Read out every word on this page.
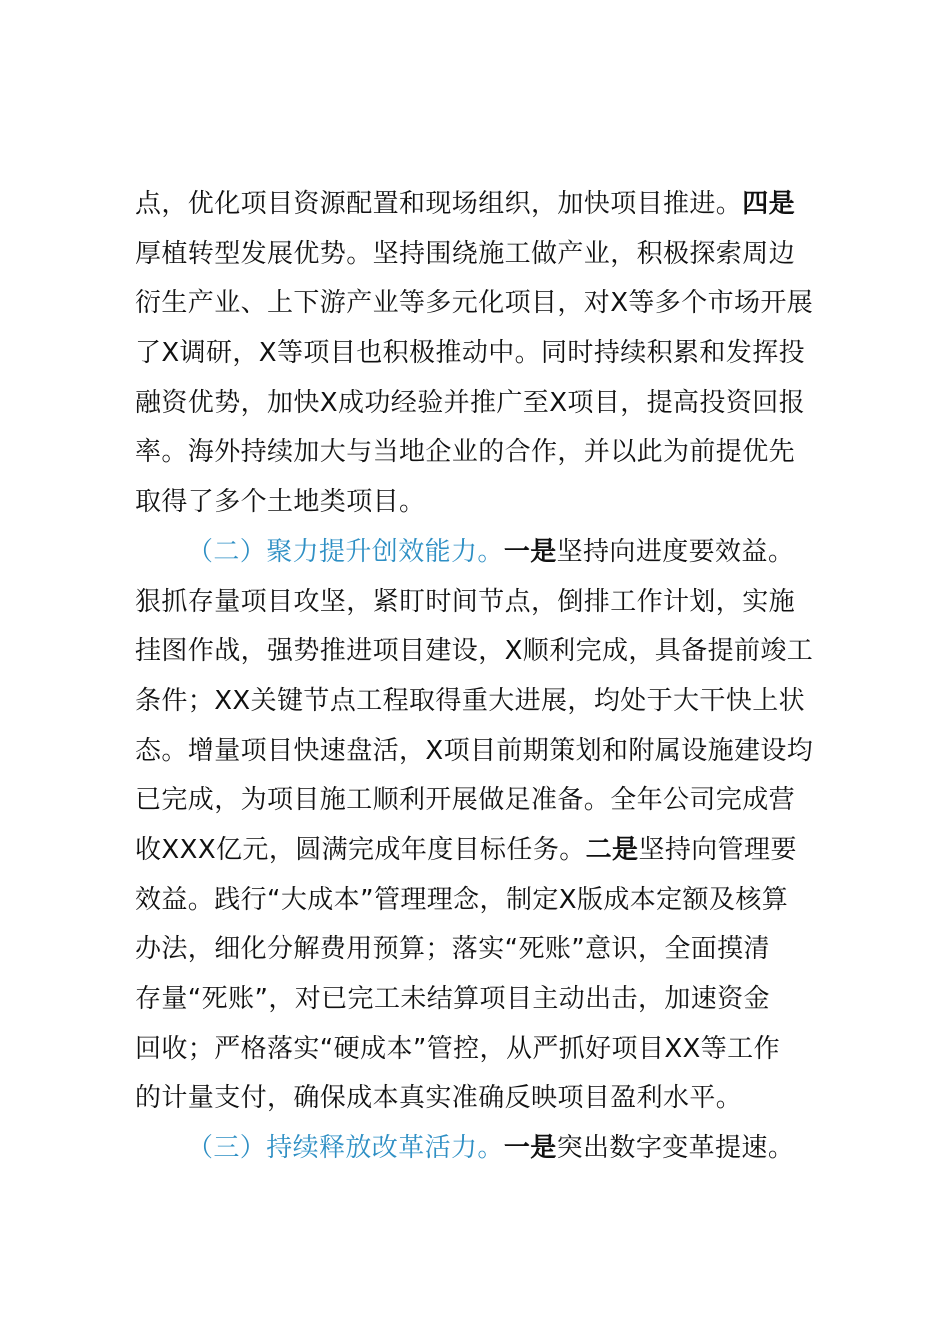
点，优化项目资源配置和现场组织，加快项目推进。四是
厚植转型发展优势。坚持围绕施工做产业，积极探索周边
衍生产业、上下游产业等多元化项目，对X等多个市场开展
了X调研，X等项目也积极推动中。同时持续积累和发挥投
融资优势，加快X成功经验并推广至X项目，提高投资回报
率。海外持续加大与当地企业的合作，并以此为前提优先
取得了多个土地类项目。
（二）聚力提升创效能力。一是坚持向进度要效益。
狠抓存量项目攻坚，紧盯时间节点，倒排工作计划，实施
挂图作战，强势推进项目建设，X顺利完成，具备提前竣工
条件；XX关键节点工程取得重大进展，均处于大干快上状
态。增量项目快速盘活，X项目前期策划和附属设施建设均
已完成，为项目施工顺利开展做足准备。全年公司完成营
收XXX亿元，圆满完成年度目标任务。二是坚持向管理要
效益。践行“大成本”管理理念，制定X版成本定额及核算
办法，细化分解费用预算；落实“死账”意识，全面摸清
存量“死账”，对已完工未结算项目主动出击，加速资金
回收；严格落实“硬成本”管控，从严抓好项目XX等工作
的计量支付，确保成本真实准确反映项目盈利水平。
（三）持续释放改革活力。一是突出数字变革提速。
